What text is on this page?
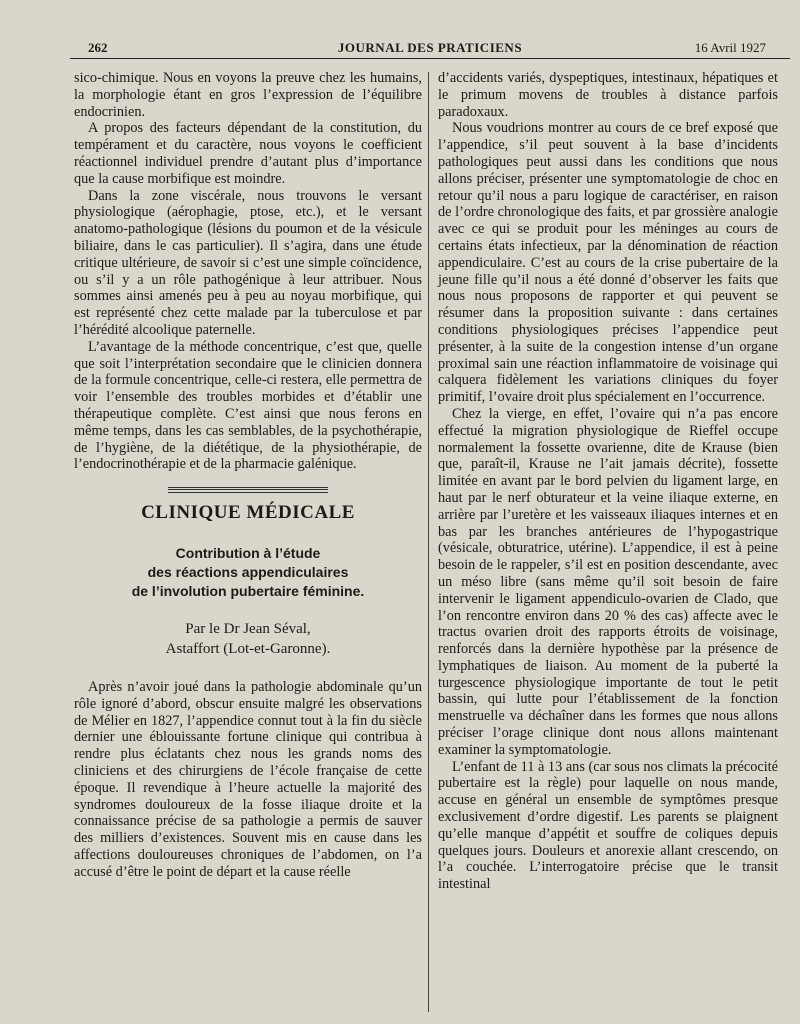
262	JOURNAL DES PRATICIENS	16 Avril 1927

sico-chimique. Nous en voyons la preuve chez les humains, la morphologie étant en gros l’expression de l’équilibre endocrinien.

A propos des facteurs dépendant de la constitution, du tempérament et du caractère, nous voyons le coefficient réactionnel individuel prendre d’autant plus d’importance que la cause morbifique est moindre.

Dans la zone viscérale, nous trouvons le versant physiologique (aérophagie, ptose, etc.), et le versant anatomo-pathologique (lésions du poumon et de la vésicule biliaire, dans le cas particulier). Il s’agira, dans une étude critique ultérieure, de savoir si c’est une simple coïncidence, ou s’il y a un rôle pathogénique à leur attribuer. Nous sommes ainsi amenés peu à peu au noyau morbifique, qui est représenté chez cette malade par la tuberculose et par l’hérédité alcoolique paternelle.

L’avantage de la méthode concentrique, c’est que, quelle que soit l’interprétation secondaire que le clinicien donnera de la formule concentrique, celle-ci restera, elle permettra de voir l’ensemble des troubles morbides et d’établir une thérapeutique complète. C’est ainsi que nous ferons en même temps, dans les cas semblables, de la psychothérapie, de l’hygiène, de la diététique, de la physiothérapie, de l’endocrinothérapie et de la pharmacie galénique.

CLINIQUE MÉDICALE
Contribution à l’étude
des réactions appendiculaires
de l’involution pubertaire féminine.
Par le Dr Jean Séval,
Astaffort (Lot-et-Garonne).

Après n’avoir joué dans la pathologie abdominale qu’un rôle ignoré d’abord, obscur ensuite malgré les observations de Mélier en 1827, l’appendice connut tout à la fin du siècle dernier une éblouissante fortune clinique qui contribua à rendre plus éclatants chez nous les grands noms des cliniciens et des chirurgiens de l’école française de cette époque. Il revendique à l’heure actuelle la majorité des syndromes douloureux de la fosse iliaque droite et la connaissance précise de sa pathologie a permis de sauver des milliers d’existences. Souvent mis en cause dans les affections douloureuses chroniques de l’abdomen, on l’a accusé d’être le point de départ et la cause réelle

d’accidents variés, dyspeptiques, intestinaux, hépatiques et le primum movens de troubles à distance parfois paradoxaux.

Nous voudrions montrer au cours de ce bref exposé que l’appendice, s’il peut souvent à la base d’incidents pathologiques peut aussi dans les conditions que nous allons préciser, présenter une symptomatologie de choc en retour qu’il nous a paru logique de caractériser, en raison de l’ordre chronologique des faits, et par grossière analogie avec ce qui se produit pour les méninges au cours de certains états infectieux, par la dénomination de réaction appendiculaire. C’est au cours de la crise pubertaire de la jeune fille qu’il nous a été donné d’observer les faits que nous nous proposons de rapporter et qui peuvent se résumer dans la proposition suivante : dans certaines conditions physiologiques précises l’appendice peut présenter, à la suite de la congestion intense d’un organe proximal sain une réaction inflammatoire de voisinage qui calquera fidèlement les variations cliniques du foyer primitif, l’ovaire droit plus spécialement en l’occurrence.

Chez la vierge, en effet, l’ovaire qui n’a pas encore effectué la migration physiologique de Rieffel occupe normalement la fossette ovarienne, dite de Krause (bien que, paraît-il, Krause ne l’ait jamais décrite), fossette limitée en avant par le bord pelvien du ligament large, en haut par le nerf obturateur et la veine iliaque externe, en arrière par l’uretère et les vaisseaux iliaques internes et en bas par les branches antérieures de l’hypogastrique (vésicale, obturatrice, utérine). L’appendice, il est à peine besoin de le rappeler, s’il est en position descendante, avec un méso libre (sans même qu’il soit besoin de faire intervenir le ligament appendiculo-ovarien de Clado, que l’on rencontre environ dans 20 % des cas) affecte avec le tractus ovarien droit des rapports étroits de voisinage, renforcés dans la dernière hypothèse par la présence de lymphatiques de liaison. Au moment de la puberté la turgescence physiologique importante de tout le petit bassin, qui lutte pour l’établissement de la fonction menstruelle va déchaîner dans les formes que nous allons préciser l’orage clinique dont nous allons maintenant examiner la symptomatologie.

L’enfant de 11 à 13 ans (car sous nos climats la précocité pubertaire est la règle) pour laquelle on nous mande, accuse en général un ensemble de symptômes presque exclusivement d’ordre digestif. Les parents se plaignent qu’elle manque d’appétit et souffre de coliques depuis quelques jours. Douleurs et anorexie allant crescendo, on l’a couchée. L’interrogatoire précise que le transit intestinal
